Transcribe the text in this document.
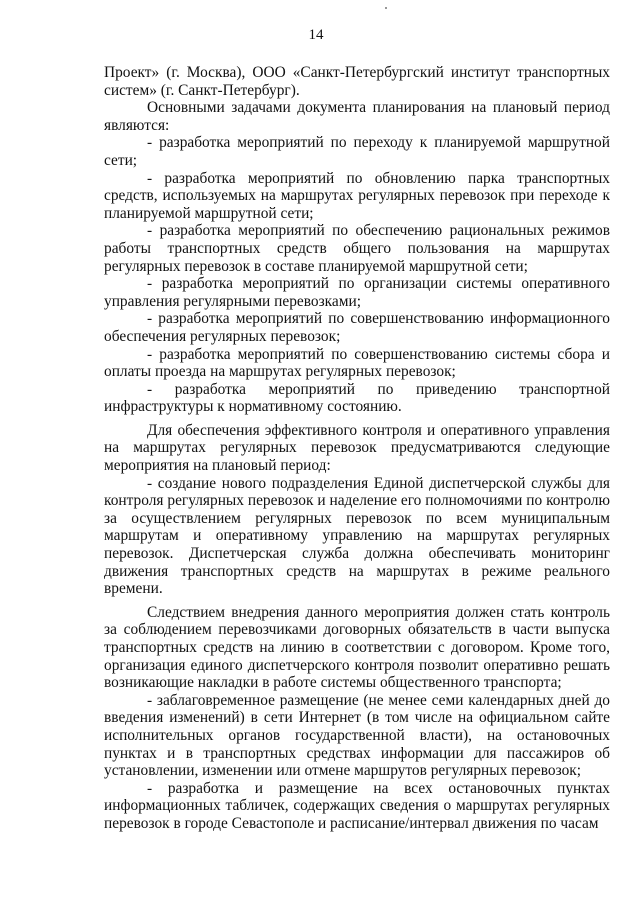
14

Проект» (г. Москва), ООО «Санкт-Петербургский институт транспортных систем» (г. Санкт-Петербург).

Основными задачами документа планирования на плановый период являются:

- разработка мероприятий по переходу к планируемой маршрутной сети;

- разработка мероприятий по обновлению парка транспортных средств, используемых на маршрутах регулярных перевозок при переходе к планируемой маршрутной сети;

- разработка мероприятий по обеспечению рациональных режимов работы транспортных средств общего пользования на маршрутах регулярных перевозок в составе планируемой маршрутной сети;

- разработка мероприятий по организации системы оперативного управления регулярными перевозками;

- разработка мероприятий по совершенствованию информационного обеспечения регулярных перевозок;

- разработка мероприятий по совершенствованию системы сбора и оплаты проезда на маршрутах регулярных перевозок;

- разработка мероприятий по приведению транспортной инфраструктуры к нормативному состоянию.

Для обеспечения эффективного контроля и оперативного управления на маршрутах регулярных перевозок предусматриваются следующие мероприятия на плановый период:

- создание нового подразделения Единой диспетчерской службы для контроля регулярных перевозок и наделение его полномочиями по контролю за осуществлением регулярных перевозок по всем муниципальным маршрутам и оперативному управлению на маршрутах регулярных перевозок. Диспетчерская служба должна обеспечивать мониторинг движения транспортных средств на маршрутах в режиме реального времени.

Следствием внедрения данного мероприятия должен стать контроль за соблюдением перевозчиками договорных обязательств в части выпуска транспортных средств на линию в соответствии с договором. Кроме того, организация единого диспетчерского контроля позволит оперативно решать возникающие накладки в работе системы общественного транспорта;

- заблаговременное размещение (не менее семи календарных дней до введения изменений) в сети Интернет (в том числе на официальном сайте исполнительных органов государственной власти), на остановочных пунктах и в транспортных средствах информации для пассажиров об установлении, изменении или отмене маршрутов регулярных перевозок;

- разработка и размещение на всех остановочных пунктах информационных табличек, содержащих сведения о маршрутах регулярных перевозок в городе Севастополе и расписание/интервал движения по часам
